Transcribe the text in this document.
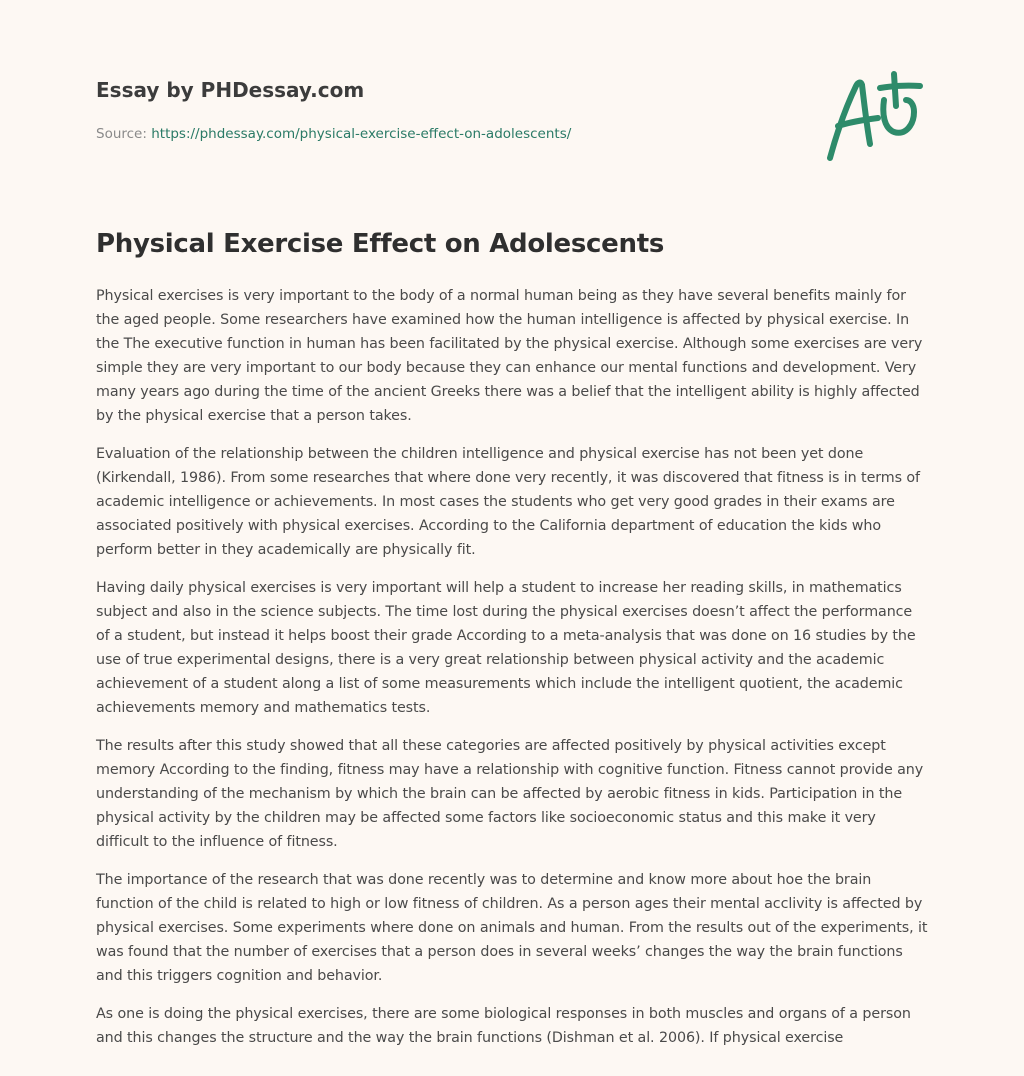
Essay by PHDessay.com
Source: https://phdessay.com/physical-exercise-effect-on-adolescents/
Physical Exercise Effect on Adolescents

Physical exercises is very important to the body of a normal human being as they have several benefits mainly for the aged people. Some researchers have examined how the human intelligence is affected by physical exercise. In the The executive function in human has been facilitated by the physical exercise. Although some exercises are very simple they are very important to our body because they can enhance our mental functions and development. Very many years ago during the time of the ancient Greeks there was a belief that the intelligent ability is highly affected by the physical exercise that a person takes.

Evaluation of the relationship between the children intelligence and physical exercise has not been yet done (Kirkendall, 1986). From some researches that where done very recently, it was discovered that fitness is in terms of academic intelligence or achievements. In most cases the students who get very good grades in their exams are associated positively with physical exercises. According to the California department of education the kids who perform better in they academically are physically fit.

Having daily physical exercises is very important will help a student to increase her reading skills, in mathematics subject and also in the science subjects. The time lost during the physical exercises doesn’t affect the performance of a student, but instead it helps boost their grade According to a meta-analysis that was done on 16 studies by the use of true experimental designs, there is a very great relationship between physical activity and the academic achievement of a student along a list of some measurements which include the intelligent quotient, the academic achievements memory and mathematics tests.

The results after this study showed that all these categories are affected positively by physical activities except memory According to the finding, fitness may have a relationship with cognitive function. Fitness cannot provide any understanding of the mechanism by which the brain can be affected by aerobic fitness in kids. Participation in the physical activity by the children may be affected some factors like socioeconomic status and this make it very difficult to the influence of fitness.

The importance of the research that was done recently was to determine and know more about hoe the brain function of the child is related to high or low fitness of children. As a person ages their mental acclivity is affected by physical exercises. Some experiments where done on animals and human. From the results out of the experiments, it was found that the number of exercises that a person does in several weeks’ changes the way the brain functions and this triggers cognition and behavior.

As one is doing the physical exercises, there are some biological responses in both muscles and organs of a person and this changes the structure and the way the brain functions (Dishman et al. 2006). If physical exercise
